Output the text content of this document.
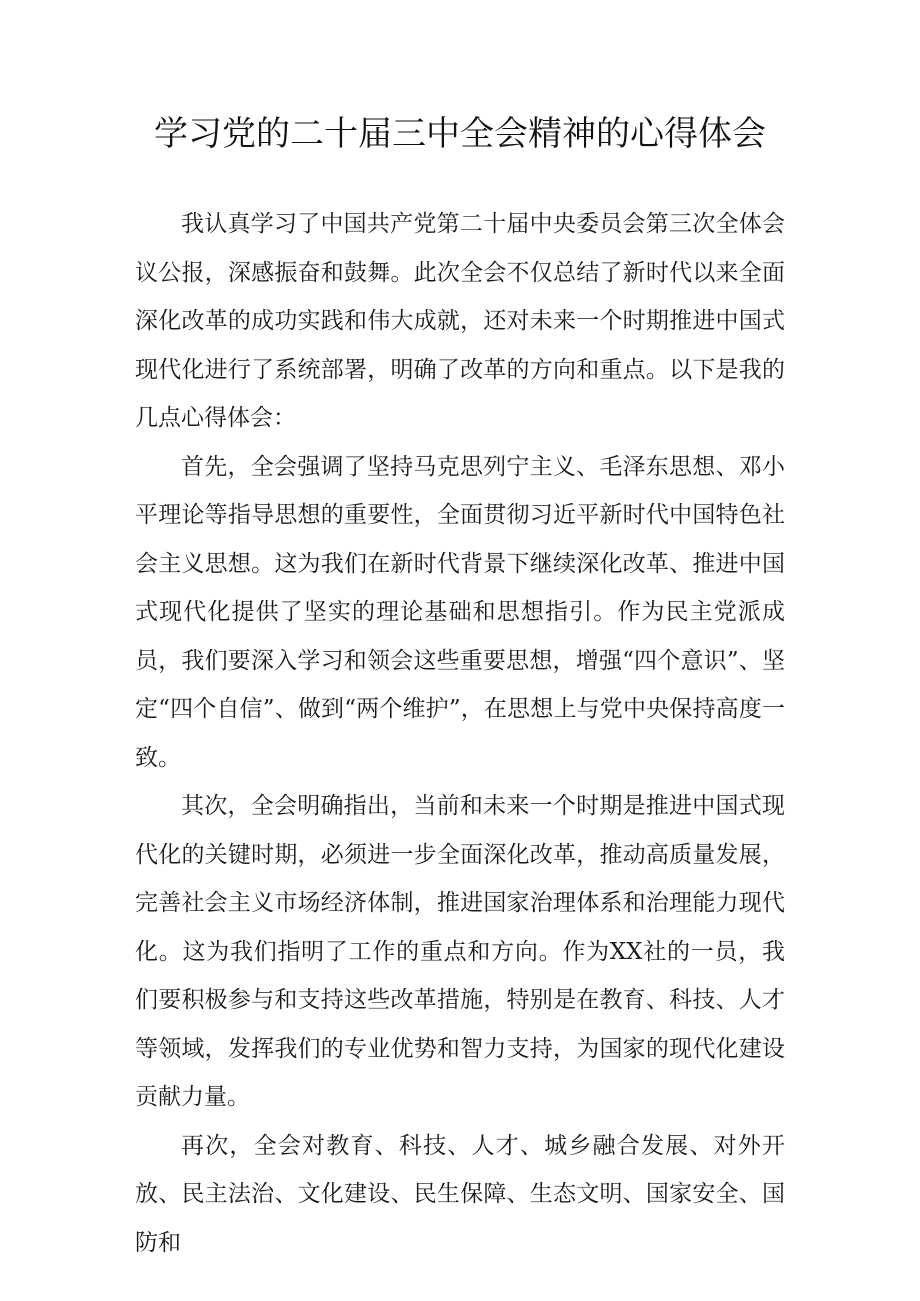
学习党的二十届三中全会精神的心得体会

我认真学习了中国共产党第二十届中央委员会第三次全体会议公报，深感振奋和鼓舞。此次全会不仅总结了新时代以来全面深化改革的成功实践和伟大成就，还对未来一个时期推进中国式现代化进行了系统部署，明确了改革的方向和重点。以下是我的几点心得体会：

首先，全会强调了坚持马克思列宁主义、毛泽东思想、邓小平理论等指导思想的重要性，全面贯彻习近平新时代中国特色社会主义思想。这为我们在新时代背景下继续深化改革、推进中国式现代化提供了坚实的理论基础和思想指引。作为民主党派成员，我们要深入学习和领会这些重要思想，增强“四个意识”、坚定“四个自信”、做到“两个维护”，在思想上与党中央保持高度一致。

其次，全会明确指出，当前和未来一个时期是推进中国式现代化的关键时期，必须进一步全面深化改革，推动高质量发展，完善社会主义市场经济体制，推进国家治理体系和治理能力现代化。这为我们指明了工作的重点和方向。作为XX社的一员，我们要积极参与和支持这些改革措施，特别是在教育、科技、人才等领域，发挥我们的专业优势和智力支持，为国家的现代化建设贡献力量。

再次，全会对教育、科技、人才、城乡融合发展、对外开放、民主法治、文化建设、民生保障、生态文明、国家安全、国防和
